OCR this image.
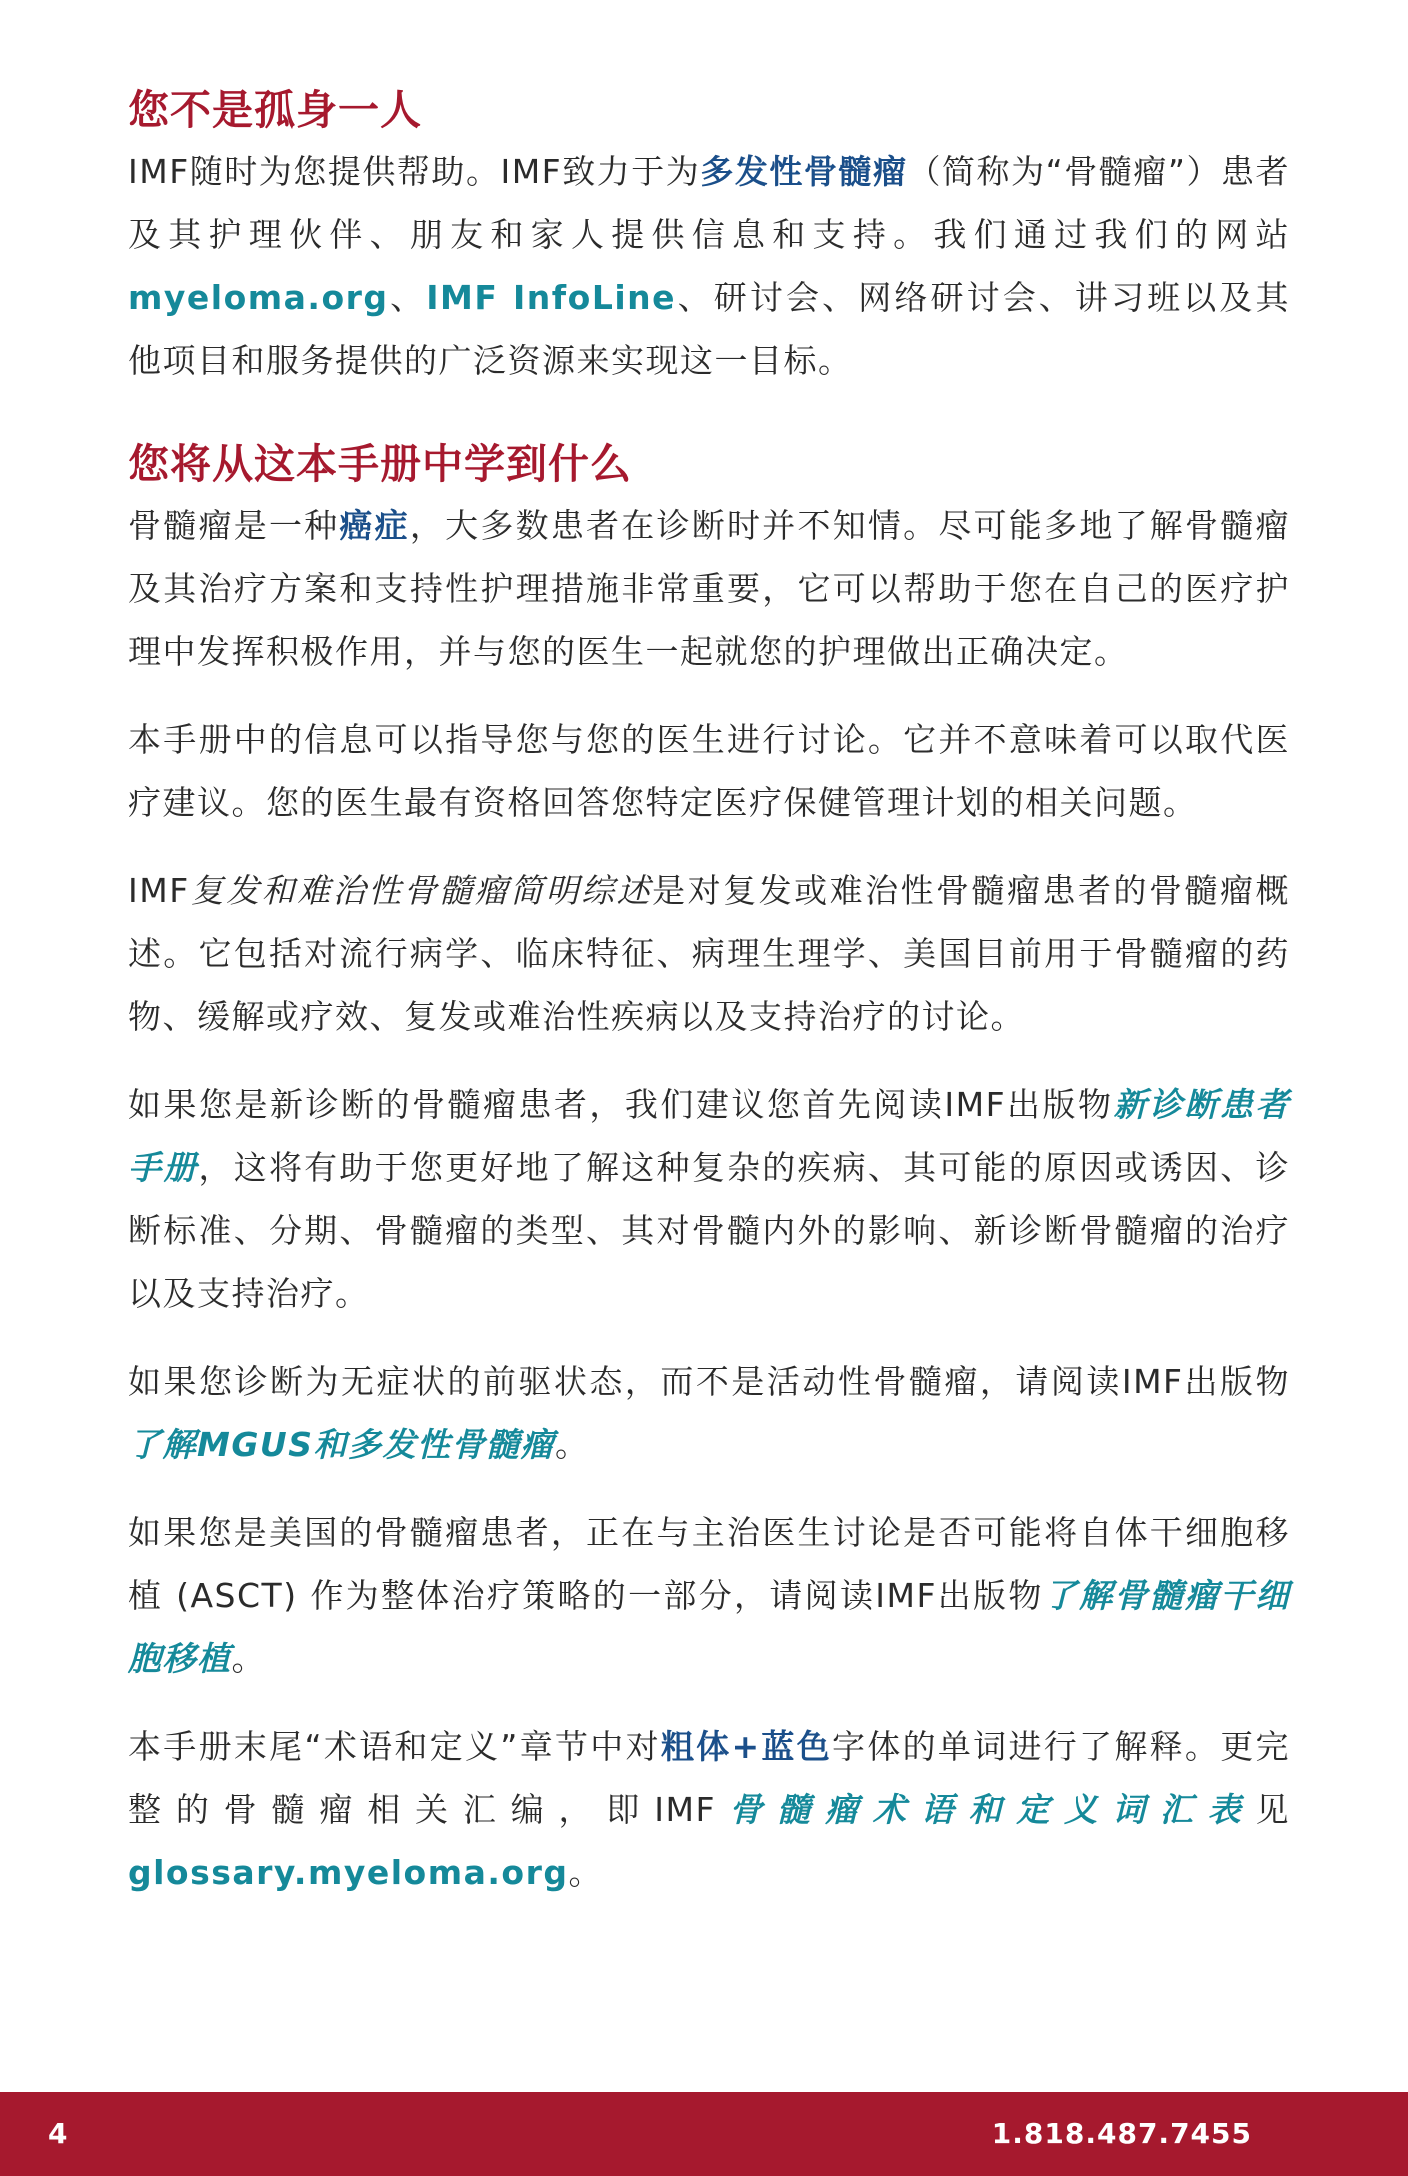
您不是孤身一人

IMF随时为您提供帮助。IMF致力于为多发性骨髓瘤（简称为“骨髓瘤”）患者及其护理伙伴、朋友和家人提供信息和支持。我们通过我们的网站myeloma.org、IMF InfoLine、研讨会、网络研讨会、讲习班以及其他项目和服务提供的广泛资源来实现这一目标。

您将从这本手册中学到什么

骨髓瘤是一种癌症，大多数患者在诊断时并不知情。尽可能多地了解骨髓瘤及其治疗方案和支持性护理措施非常重要，它可以帮助于您在自己的医疗护理中发挥积极作用，并与您的医生一起就您的护理做出正确决定。

本手册中的信息可以指导您与您的医生进行讨论。它并不意味着可以取代医疗建议。您的医生最有资格回答您特定医疗保健管理计划的相关问题。

IMF复发和难治性骨髓瘤简明综述是对复发或难治性骨髓瘤患者的骨髓瘤概述。它包括对流行病学、临床特征、病理生理学、美国目前用于骨髓瘤的药物、缓解或疗效、复发或难治性疾病以及支持治疗的讨论。

如果您是新诊断的骨髓瘤患者，我们建议您首先阅读IMF出版物新诊断患者手册，这将有助于您更好地了解这种复杂的疾病、其可能的原因或诱因、诊断标准、分期、骨髓瘤的类型、其对骨髓内外的影响、新诊断骨髓瘤的治疗以及支持治疗。

如果您诊断为无症状的前驱状态，而不是活动性骨髓瘤，请阅读IMF出版物了解MGUS和多发性骨髓瘤。

如果您是美国的骨髓瘤患者，正在与主治医生讨论是否可能将自体干细胞移植 (ASCT) 作为整体治疗策略的一部分，请阅读IMF出版物了解骨髓瘤干细胞移植。

本手册末尾“术语和定义”章节中对粗体+蓝色字体的单词进行了解释。更完整的骨髓瘤相关汇编，即IMF骨髓瘤术语和定义词汇表见glossary.myeloma.org。

4	1.818.487.7455
